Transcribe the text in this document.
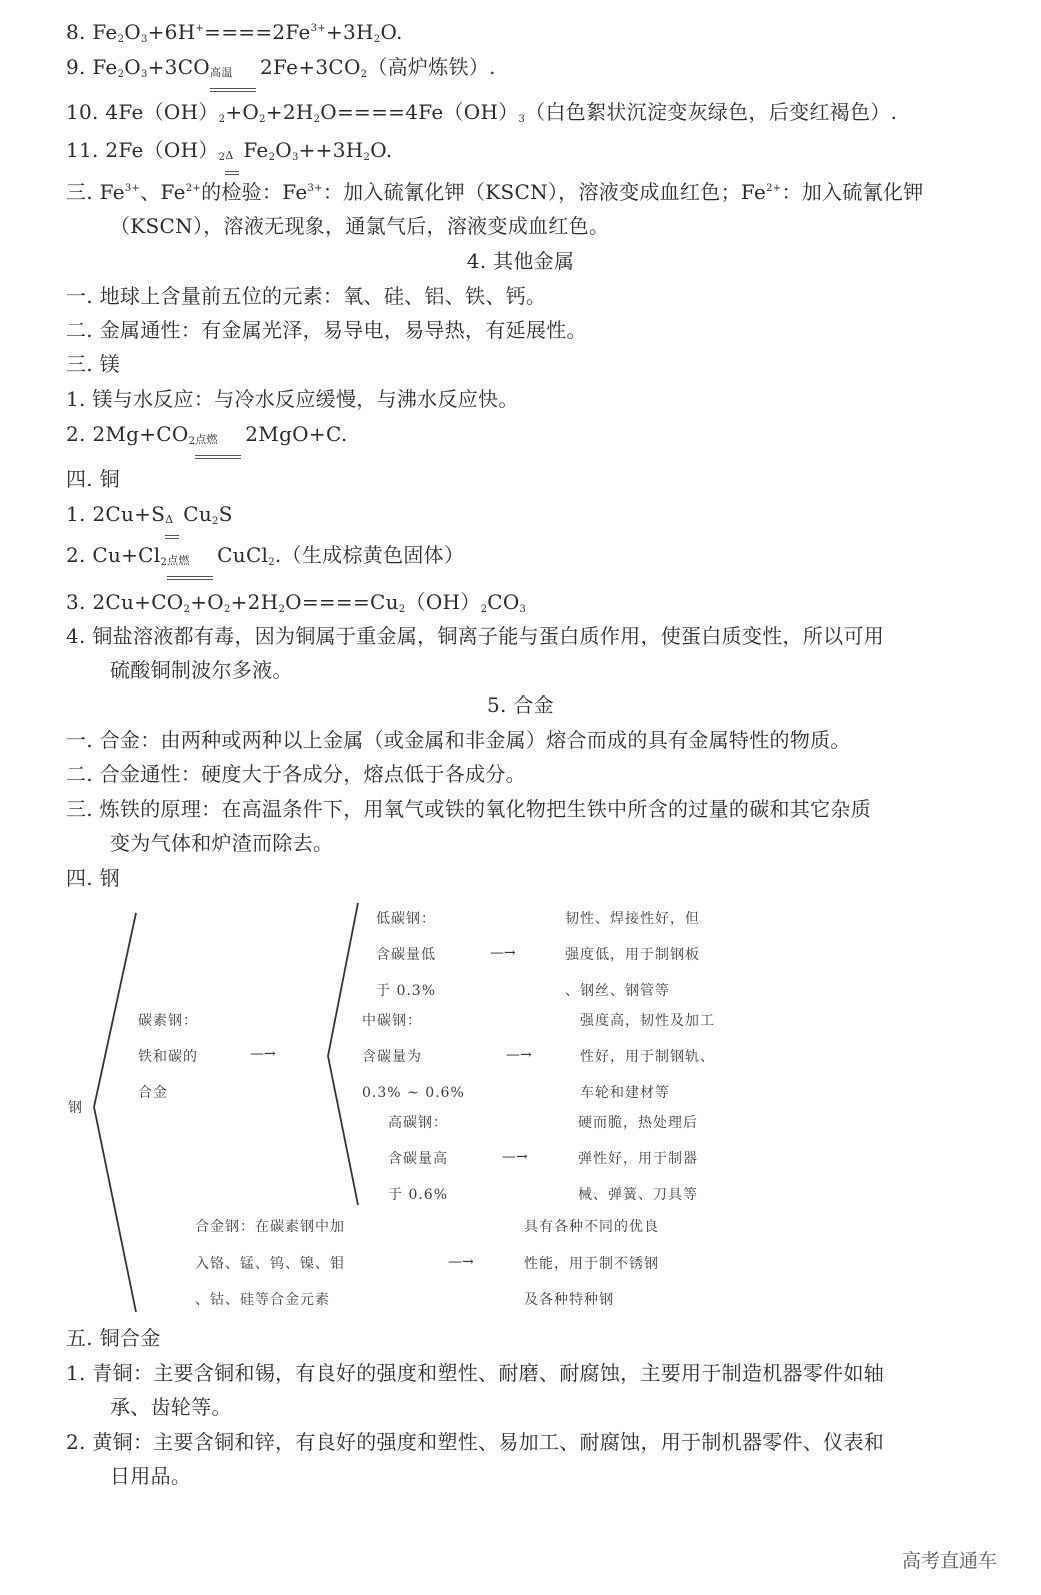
8. $Fe_2O_3+6H^+====2Fe^{3+}+3H_2O$.
9. $Fe_2O_3+3CO$高温 $2Fe+3CO_2$（高炉炼铁）.
10. $4Fe(OH)_2+O_2+2H_2O====4Fe(OH)_3$（白色絮状沉淀变灰绿色，后变红褐色）.
11. $2Fe(OH)_2\Delta$ $Fe_2O_3++3H_2O$.
三. $Fe^{3+}$、$Fe^{2+}$的检验：$Fe^{3+}$：加入硫氰化钾（KSCN），溶液变成血红色；$Fe^{2+}$：加入硫氰化钾
（KSCN），溶液无现象，通氯气后，溶液变成血红色。
4. 其他金属
一. 地球上含量前五位的元素：氧、硅、铝、铁、钙。
二. 金属通性：有金属光泽，易导电，易导热，有延展性。
三. 镁
1. 镁与水反应：与冷水反应缓慢，与沸水反应快。
2. $2Mg+CO_2$点燃 2MgO+C.
四. 铜
1. 2Cu+SΔ $Cu_2S$
2. $Cu+Cl_2$点燃 CuCl$_2$.（生成棕黄色固体）
3. $2Cu+CO_2+O_2+2H_2O====Cu_2(OH)_2CO_3$
4. 铜盐溶液都有毒，因为铜属于重金属，铜离子能与蛋白质作用，使蛋白质变性，所以可用
硫酸铜制波尔多液。
5. 合金
一. 合金：由两种或两种以上金属（或金属和非金属）熔合而成的具有金属特性的物质。
二. 合金通性：硬度大于各成分，熔点低于各成分。
三. 炼铁的原理：在高温条件下，用氧气或铁的氧化物把生铁中所含的过量的碳和其它杂质
变为气体和炉渣而除去。
四. 钢
钢
碳素钢：
铁和碳的
合金
—→
低碳钢：
含碳量低
于 0.3%
—→
韧性、焊接性好，但
强度低，用于制钢板
、钢丝、钢管等
中碳钢：
含碳量为
0.3% ~ 0.6%
—→
强度高，韧性及加工
性好，用于制钢轨、
车轮和建材等
高碳钢：
含碳量高
于 0.6%
—→
硬而脆，热处理后
弹性好，用于制器
械、弹簧、刀具等
合金钢：在碳素钢中加
入铬、锰、钨、镍、钼
、钴、硅等合金元素
—→
具有各种不同的优良
性能，用于制不锈钢
及各种特种钢
五. 铜合金
1. 青铜：主要含铜和锡，有良好的强度和塑性、耐磨、耐腐蚀，主要用于制造机器零件如轴
承、齿轮等。
2. 黄铜：主要含铜和锌，有良好的强度和塑性、易加工、耐腐蚀，用于制机器零件、仪表和
日用品。
高考直通车
